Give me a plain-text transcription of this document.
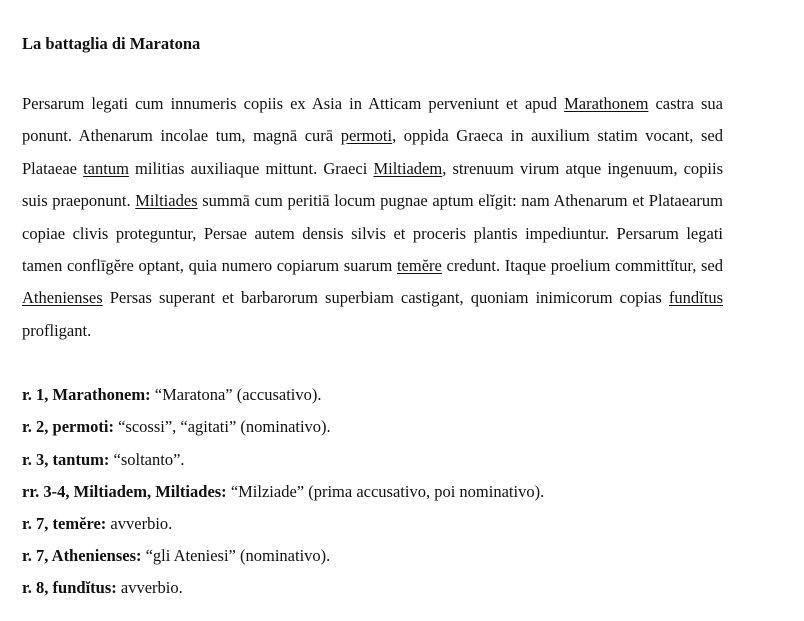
La battaglia di Maratona

Persarum legati cum innumeris copiis ex Asia in Atticam perveniunt et apud Marathonem castra sua ponunt. Athenarum incolae tum, magnā curā permoti, oppida Graeca in auxilium statim vocant, sed Plataeae tantum militias auxiliaque mittunt. Graeci Miltiadem, strenuum virum atque ingenuum, copiis suis praeponunt. Miltiades summā cum peritiā locum pugnae aptum elĭgit: nam Athenarum et Plataearum copiae clivis proteguntur, Persae autem densis silvis et proceris plantis impediuntur. Persarum legati tamen conflīgĕre optant, quia numero copiarum suarum temĕre credunt. Itaque proelium committĭtur, sed Athenienses Persas superant et barbarorum superbiam castigant, quoniam inimicorum copias fundĭtus profligant.

r. 1, Marathonem: “Maratona” (accusativo).
r. 2, permoti: “scossi”, “agitati” (nominativo).
r. 3, tantum: “soltanto”.
rr. 3-4, Miltiadem, Miltiades: “Milziade” (prima accusativo, poi nominativo).
r. 7, temĕre: avverbio.
r. 7, Athenienses: “gli Ateniesi” (nominativo).
r. 8, fundĭtus: avverbio.
